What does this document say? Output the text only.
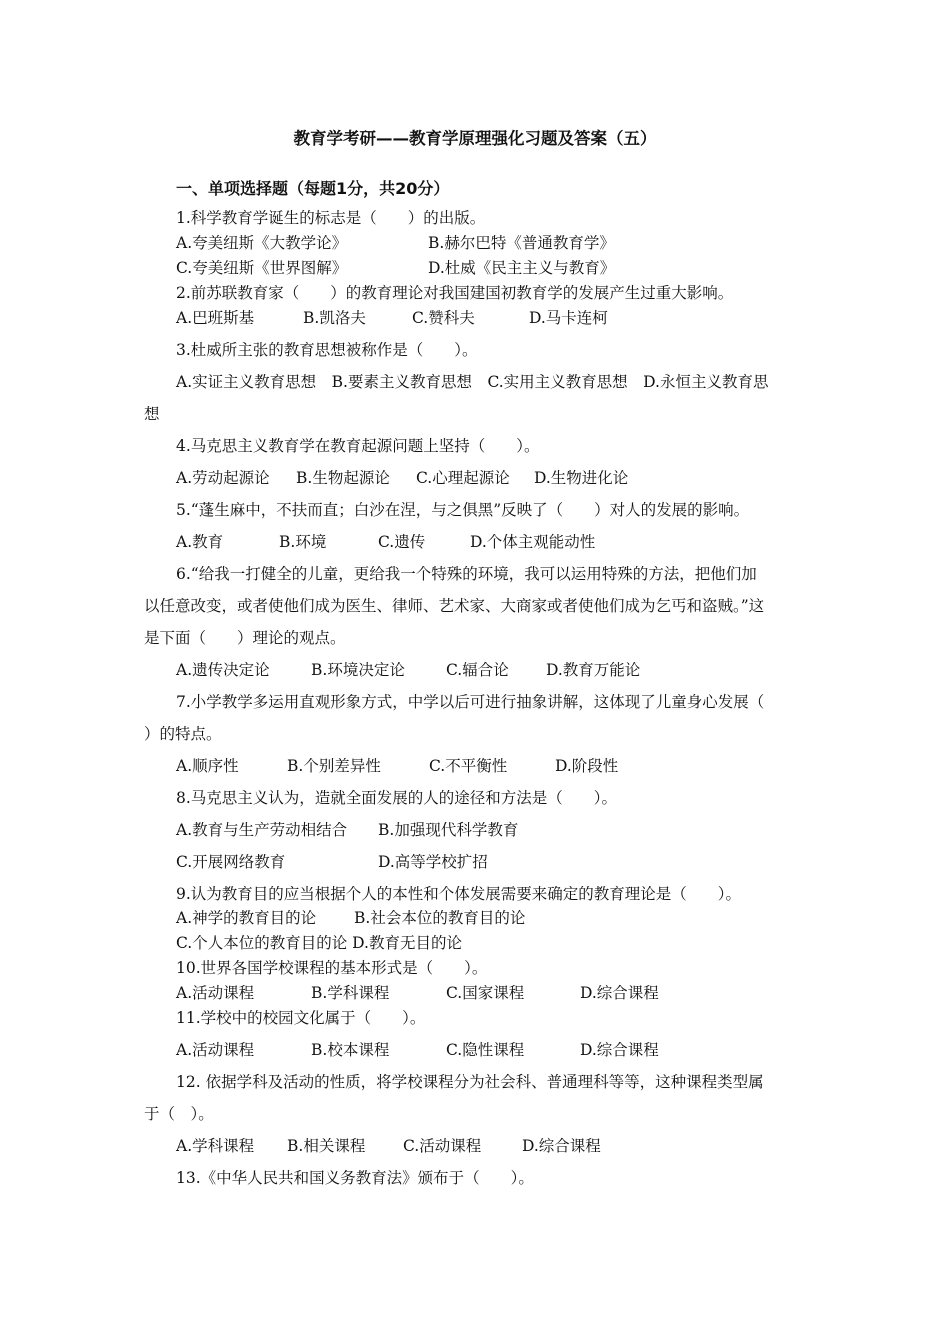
教育学考研——教育学原理强化习题及答案（五）
一、单项选择题（每题1分，共20分）
1.科学教育学诞生的标志是（　　）的出版。
A.夸美纽斯《大教学论》	B.赫尔巴特《普通教育学》
C.夸美纽斯《世界图解》	D.杜威《民主主义与教育》
2.前苏联教育家（　　）的教育理论对我国建国初教育学的发展产生过重大影响。
A.巴班斯基	B.凯洛夫	C.赞科夫	D.马卡连柯
3.杜威所主张的教育思想被称作是（　　）。
A.实证主义教育思想　B.要素主义教育思想　C.实用主义教育思想　D.永恒主义教育思
想
4.马克思主义教育学在教育起源问题上坚持（　　）。
A.劳动起源论 B.生物起源论 C.心理起源论 D.生物进化论
5.“蓬生麻中，不扶而直；白沙在涅，与之俱黑”反映了（　　）对人的发展的影响。
A.教育	B.环境	C.遗传	D.个体主观能动性
6.“给我一打健全的儿童，更给我一个特殊的环境，我可以运用特殊的方法，把他们加
以任意改变，或者使他们成为医生、律师、艺术家、大商家或者使他们成为乞丐和盗贼。”这
是下面（　　）理论的观点。
A.遗传决定论	B.环境决定论	C.辐合论 D.教育万能论
7.小学教学多运用直观形象方式，中学以后可进行抽象讲解，这体现了儿童身心发展（
）的特点。
A.顺序性	B.个别差异性	C.不平衡性	D.阶段性
8.马克思主义认为，造就全面发展的人的途径和方法是（　　）。
A.教育与生产劳动相结合 B.加强现代科学教育
C.开展网络教育	D.高等学校扩招
9.认为教育目的应当根据个人的本性和个体发展需要来确定的教育理论是（　　）。
A.神学的教育目的论 B.社会本位的教育目的论
C.个人本位的教育目的论 D.教育无目的论
10.世界各国学校课程的基本形式是（　　）。
A.活动课程	B.学科课程	C.国家课程	D.综合课程
11.学校中的校园文化属于（　　）。
A.活动课程	B.校本课程	C.隐性课程	D.综合课程
12. 依据学科及活动的性质，将学校课程分为社会科、普通理科等等，这种课程类型属
于（　）。
A.学科课程 B.相关课程 C.活动课程	D.综合课程
13.《中华人民共和国义务教育法》颁布于（　　）。
